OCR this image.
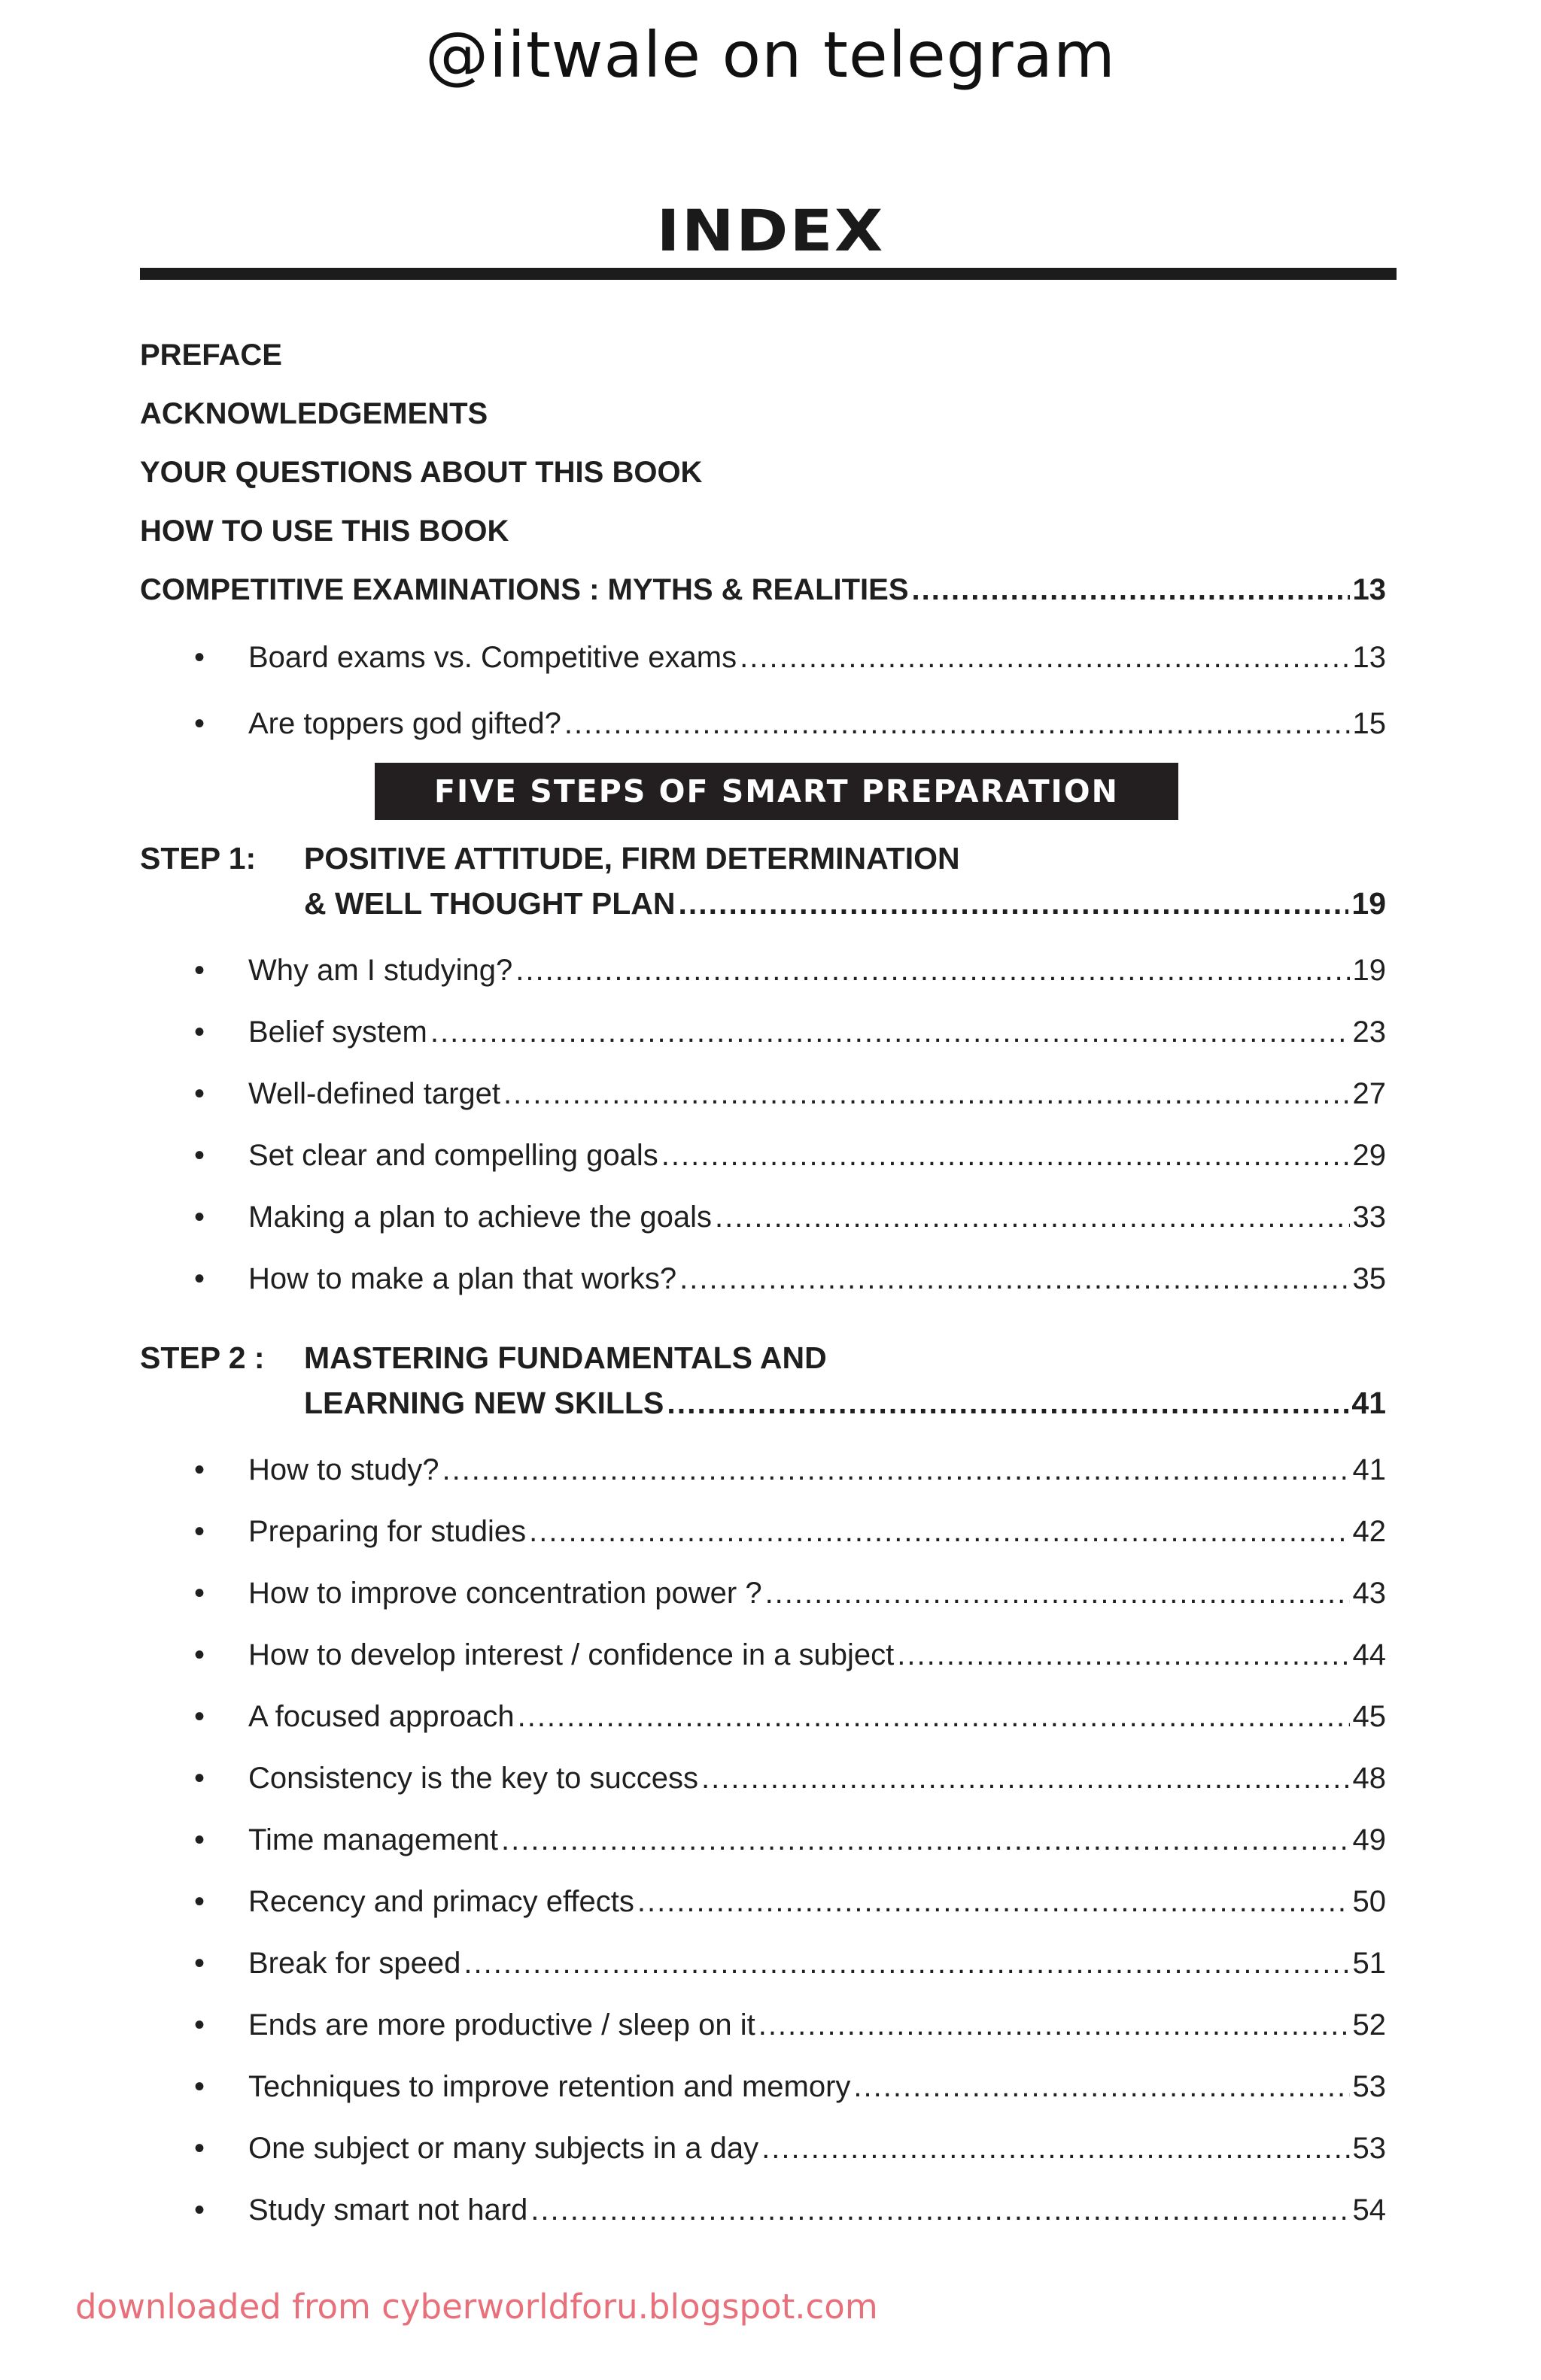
@iitwale on telegram
INDEX
PREFACE
ACKNOWLEDGEMENTS
YOUR QUESTIONS ABOUT THIS BOOK
HOW TO USE THIS BOOK
COMPETITIVE EXAMINATIONS : MYTHS & REALITIES .....	13
• Board exams vs. Competitive exams .....	13
• Are toppers god gifted? .....	15
FIVE STEPS OF SMART PREPARATION
STEP 1: POSITIVE ATTITUDE, FIRM DETERMINATION
& WELL THOUGHT PLAN .....	19
• Why am I studying? .....	19
• Belief system .....	23
• Well-defined target .....	27
• Set clear and compelling goals .....	29
• Making a plan to achieve the goals .....	33
• How to make a plan that works? .....	35
STEP 2 : MASTERING FUNDAMENTALS AND
LEARNING NEW SKILLS .....	41
• How to study? .....	41
• Preparing for studies .....	42
• How to improve concentration power ? .....	43
• How to develop interest / confidence in a subject .....	44
• A focused approach .....	45
• Consistency is the key to success .....	48
• Time management .....	49
• Recency and primacy effects .....	50
• Break for speed .....	51
• Ends are more productive / sleep on it .....	52
• Techniques to improve retention and memory .....	53
• One subject or many subjects in a day .....	53
• Study smart not hard .....	54
downloaded from cyberworldforu.blogspot.com
